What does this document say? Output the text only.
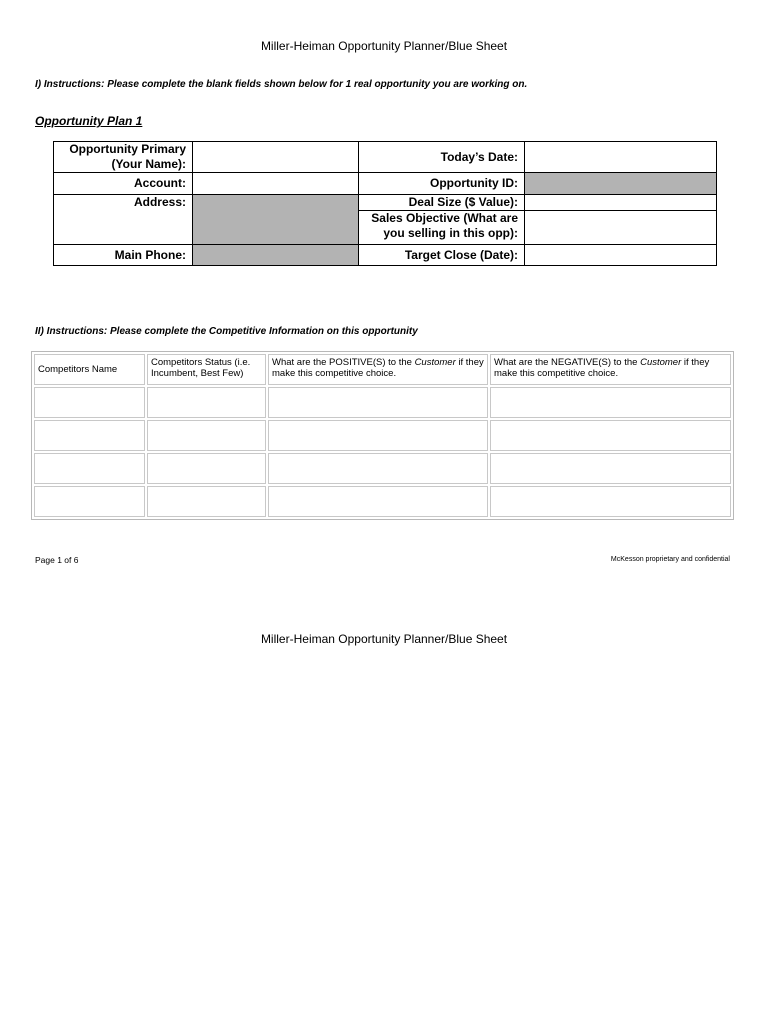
Miller-Heiman Opportunity Planner/Blue Sheet
I) Instructions: Please complete the blank fields shown below for 1 real opportunity you are working on.
Opportunity Plan 1
Opportunity Primary
(Your Name):		Today’s Date:	
Account:		Opportunity ID:	
Address:		Deal Size ($ Value):	

		Sales Objective (What are
you selling in this opp):	

Main Phone:		Target Close (Date):	
II) Instructions: Please complete the Competitive Information on this opportunity
Competitors Name	Competitors Status (i.e. Incumbent, Best Few)	What are the POSITIVE(S) to the Customer if they make this competitive choice.	What are the NEGATIVE(S) to the Customer if they make this competitive choice.

Page 1 of 6	McKesson proprietary and confidential
Miller-Heiman Opportunity Planner/Blue Sheet
